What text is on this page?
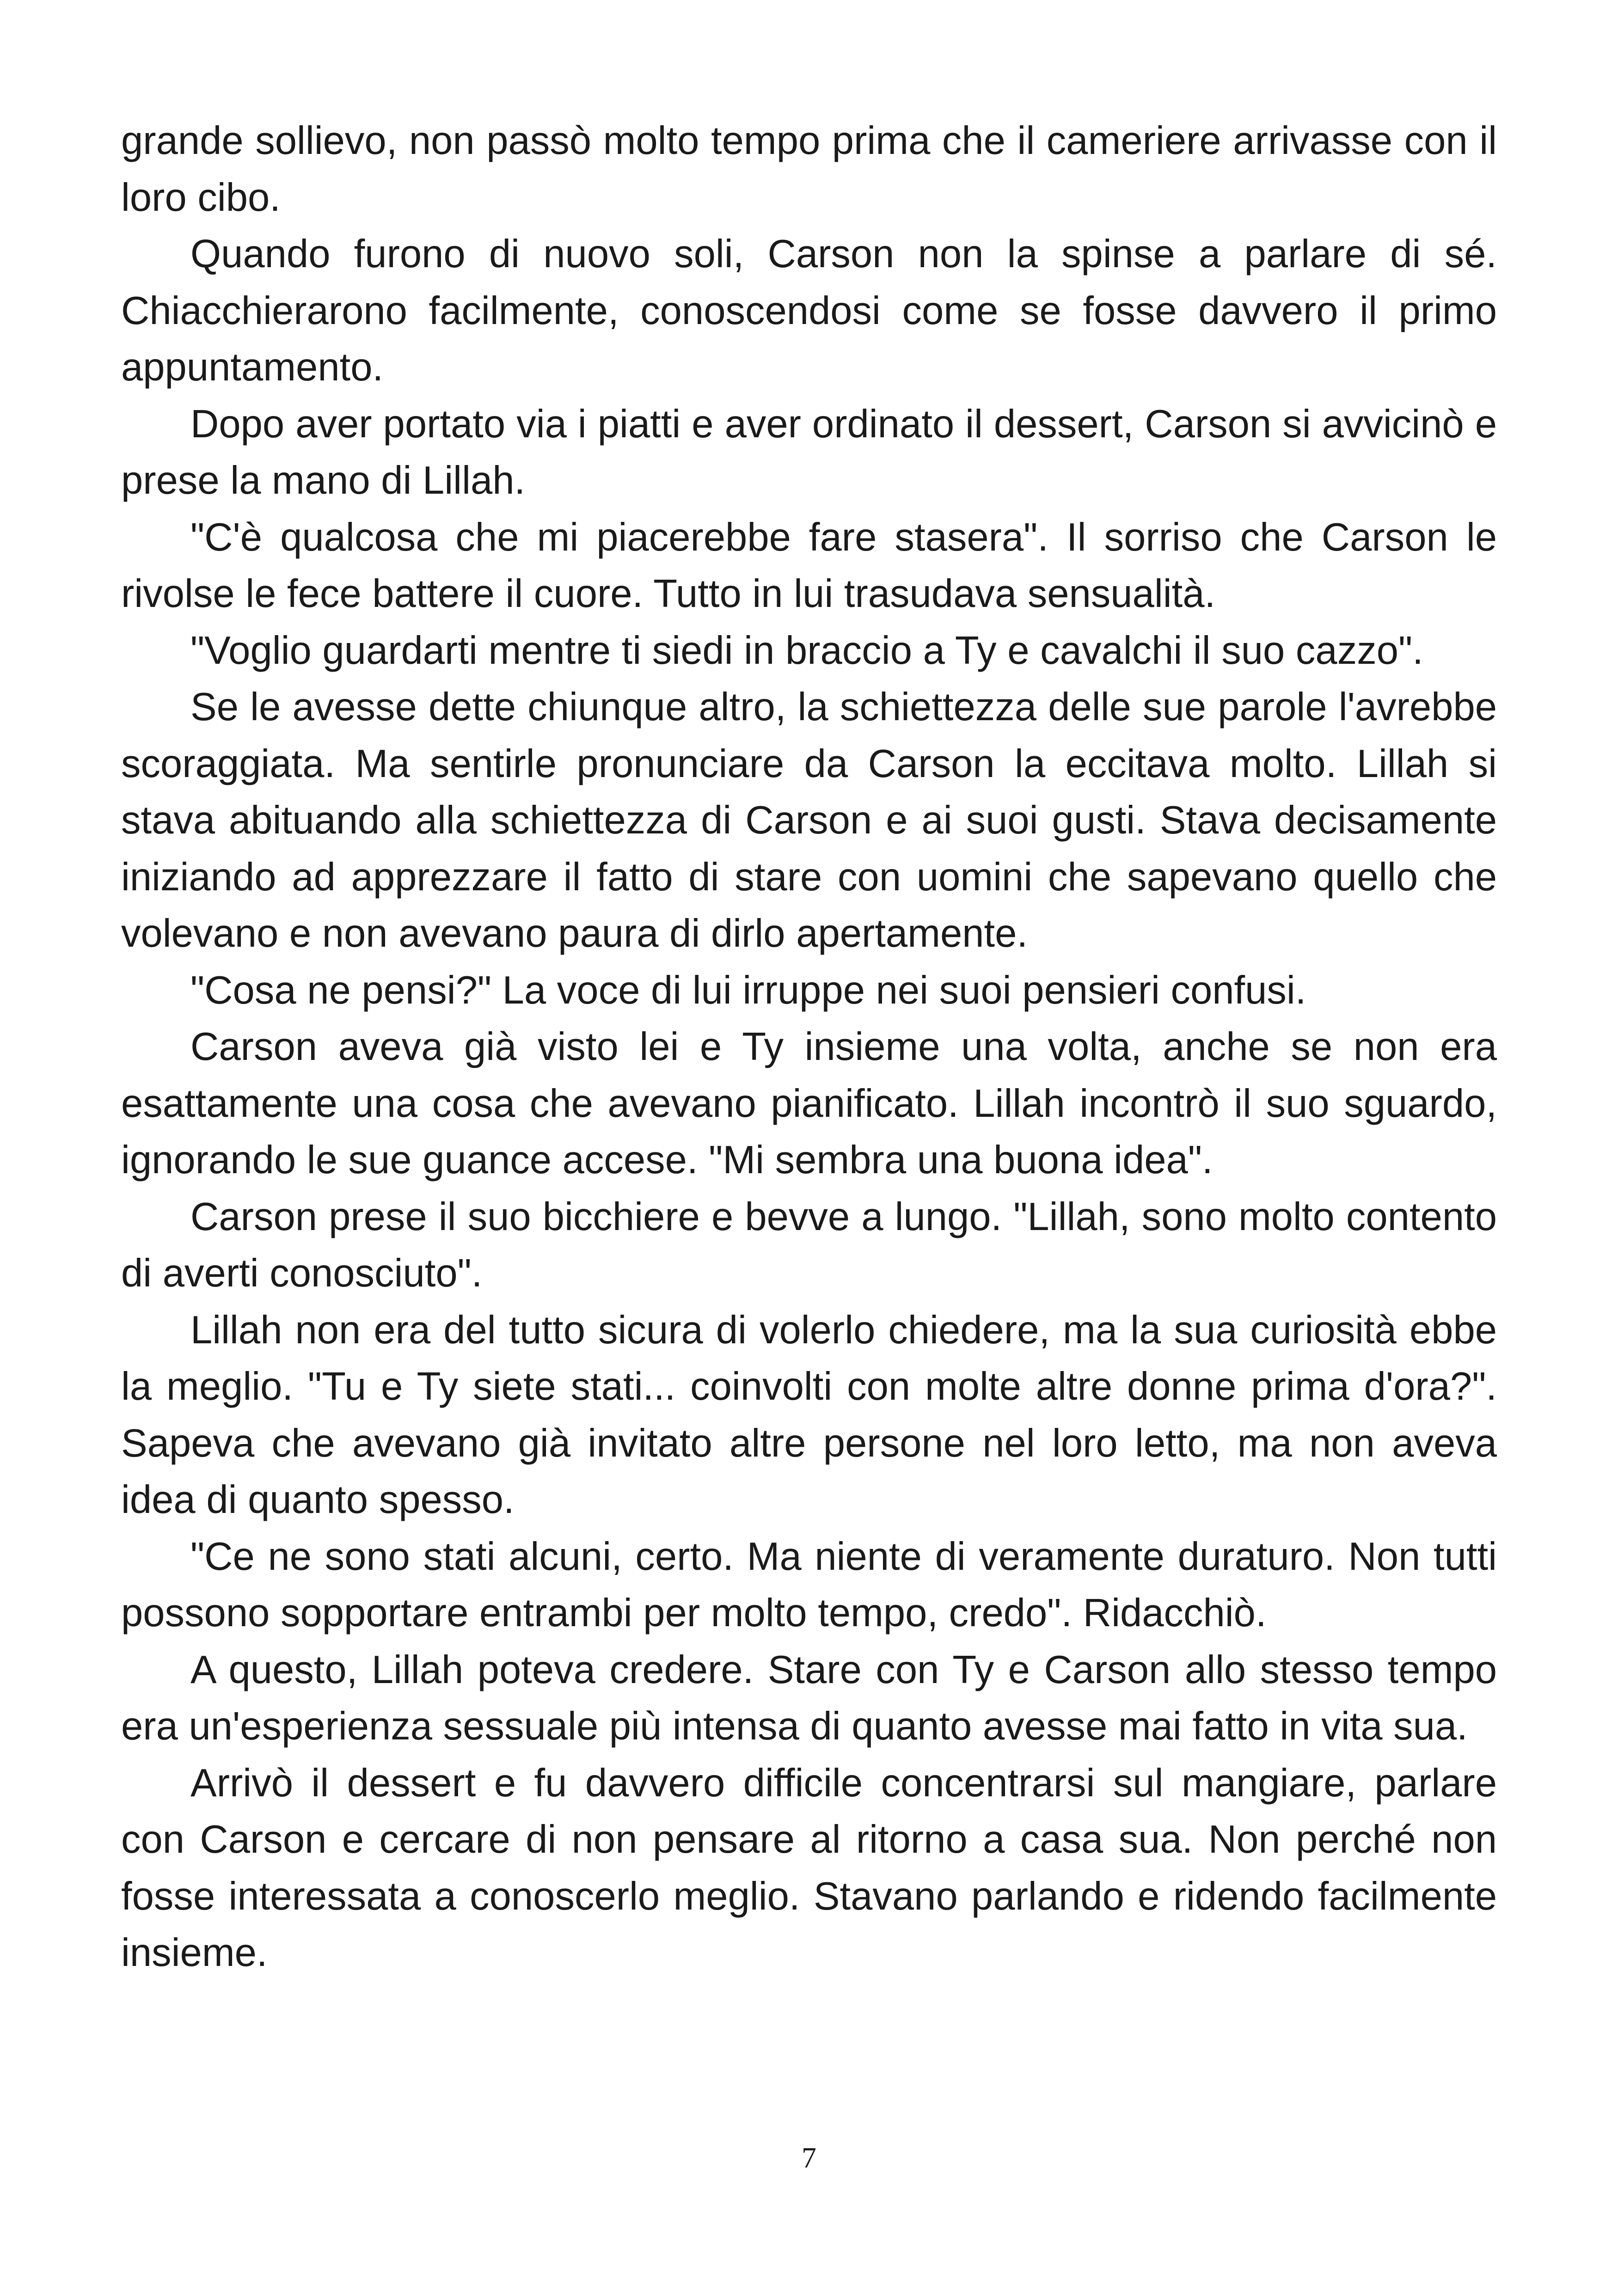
grande sollievo, non passò molto tempo prima che il cameriere arrivasse con il loro cibo.

Quando furono di nuovo soli, Carson non la spinse a parlare di sé. Chiacchierarono facilmente, conoscendosi come se fosse davvero il primo appuntamento.

Dopo aver portato via i piatti e aver ordinato il dessert, Carson si avvicinò e prese la mano di Lillah.

"C'è qualcosa che mi piacerebbe fare stasera". Il sorriso che Carson le rivolse le fece battere il cuore. Tutto in lui trasudava sensualità.

"Voglio guardarti mentre ti siedi in braccio a Ty e cavalchi il suo cazzo".

Se le avesse dette chiunque altro, la schiettezza delle sue parole l'avrebbe scoraggiata. Ma sentirle pronunciare da Carson la eccitava molto. Lillah si stava abituando alla schiettezza di Carson e ai suoi gusti. Stava decisamente iniziando ad apprezzare il fatto di stare con uomini che sapevano quello che volevano e non avevano paura di dirlo apertamente.

"Cosa ne pensi?" La voce di lui irruppe nei suoi pensieri confusi.

Carson aveva già visto lei e Ty insieme una volta, anche se non era esattamente una cosa che avevano pianificato. Lillah incontrò il suo sguardo, ignorando le sue guance accese. "Mi sembra una buona idea".

Carson prese il suo bicchiere e bevve a lungo. "Lillah, sono molto contento di averti conosciuto".

Lillah non era del tutto sicura di volerlo chiedere, ma la sua curiosità ebbe la meglio. "Tu e Ty siete stati... coinvolti con molte altre donne prima d'ora?". Sapeva che avevano già invitato altre persone nel loro letto, ma non aveva idea di quanto spesso.

"Ce ne sono stati alcuni, certo. Ma niente di veramente duraturo. Non tutti possono sopportare entrambi per molto tempo, credo". Ridacchiò.

A questo, Lillah poteva credere. Stare con Ty e Carson allo stesso tempo era un'esperienza sessuale più intensa di quanto avesse mai fatto in vita sua.

Arrivò il dessert e fu davvero difficile concentrarsi sul mangiare, parlare con Carson e cercare di non pensare al ritorno a casa sua. Non perché non fosse interessata a conoscerlo meglio. Stavano parlando e ridendo facilmente insieme.

7
